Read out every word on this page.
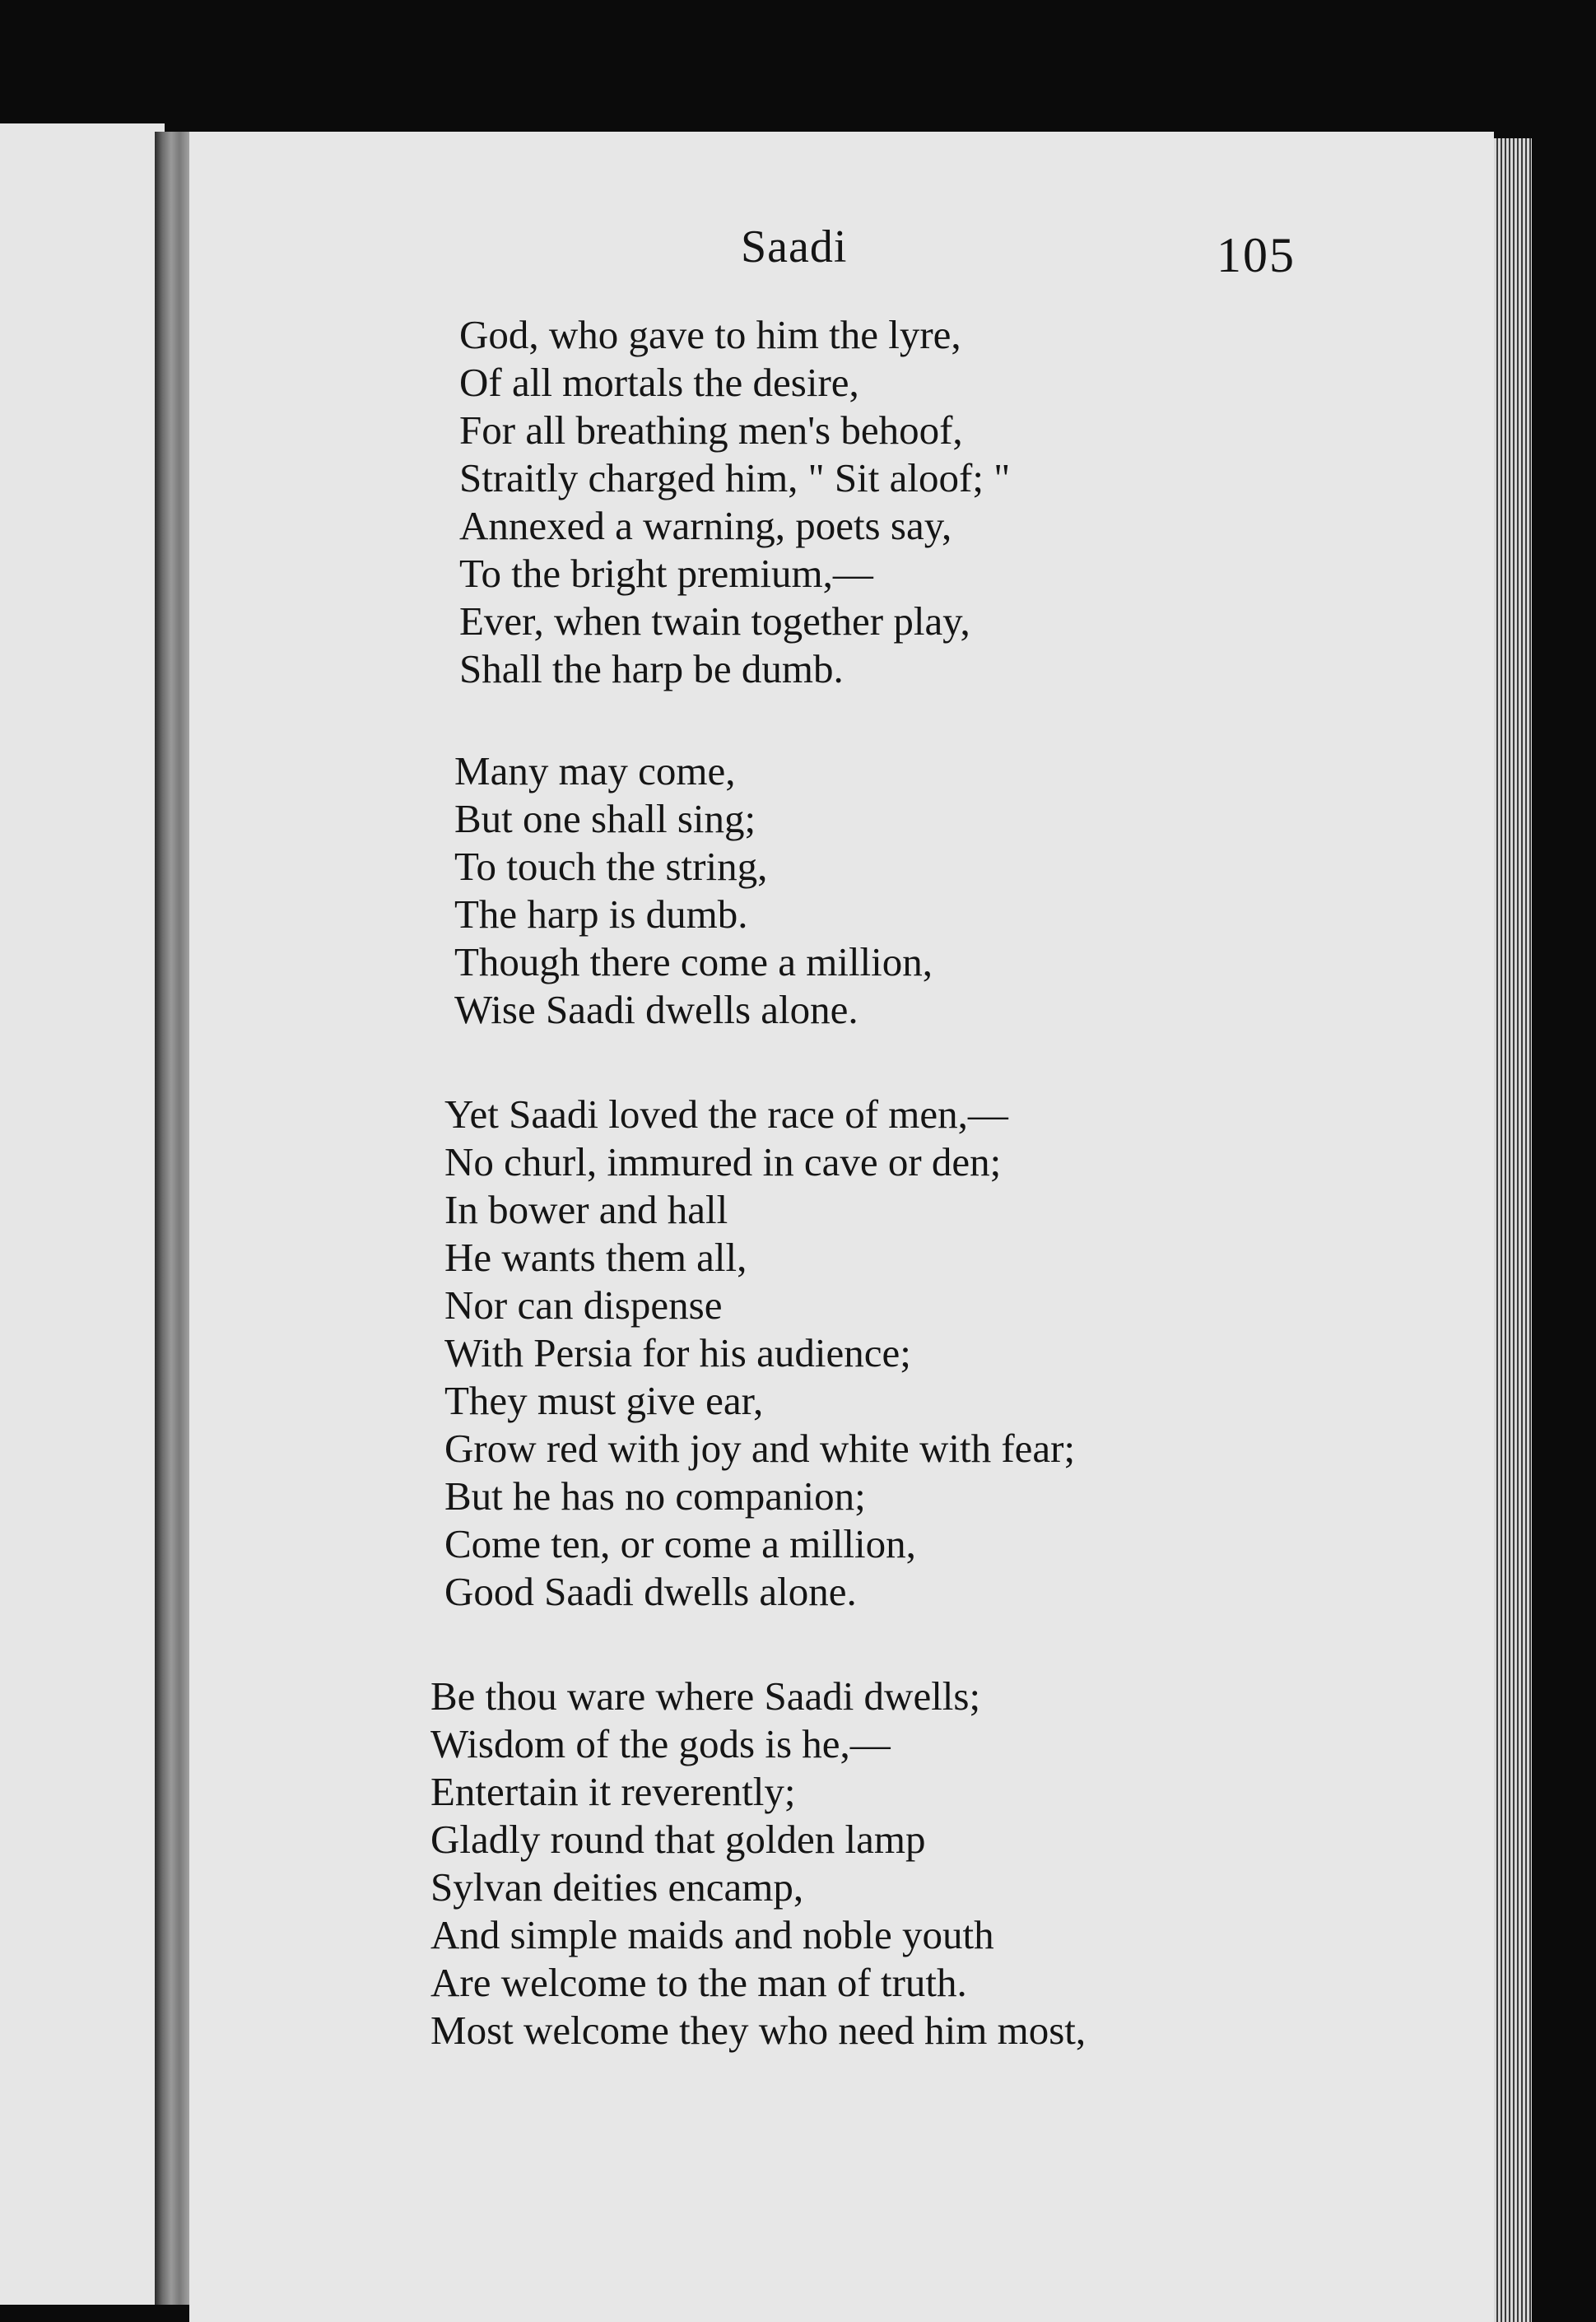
Saadi	105
God, who gave to him the lyre,
Of all mortals the desire,
For all breathing men's behoof,
Straitly charged him, " Sit aloof; "
Annexed a warning, poets say,
To the bright premium,—
Ever, when twain together play,
Shall the harp be dumb.
Many may come,
But one shall sing;
To touch the string,
The harp is dumb.
Though there come a million,
Wise Saadi dwells alone.
Yet Saadi loved the race of men,—
No churl, immured in cave or den;
In bower and hall
He wants them all,
Nor can dispense
With Persia for his audience;
They must give ear,
Grow red with joy and white with fear;
But he has no companion;
Come ten, or come a million,
Good Saadi dwells alone.
Be thou ware where Saadi dwells;
Wisdom of the gods is he,—
Entertain it reverently;
Gladly round that golden lamp
Sylvan deities encamp,
And simple maids and noble youth
Are welcome to the man of truth.
Most welcome they who need him most,
